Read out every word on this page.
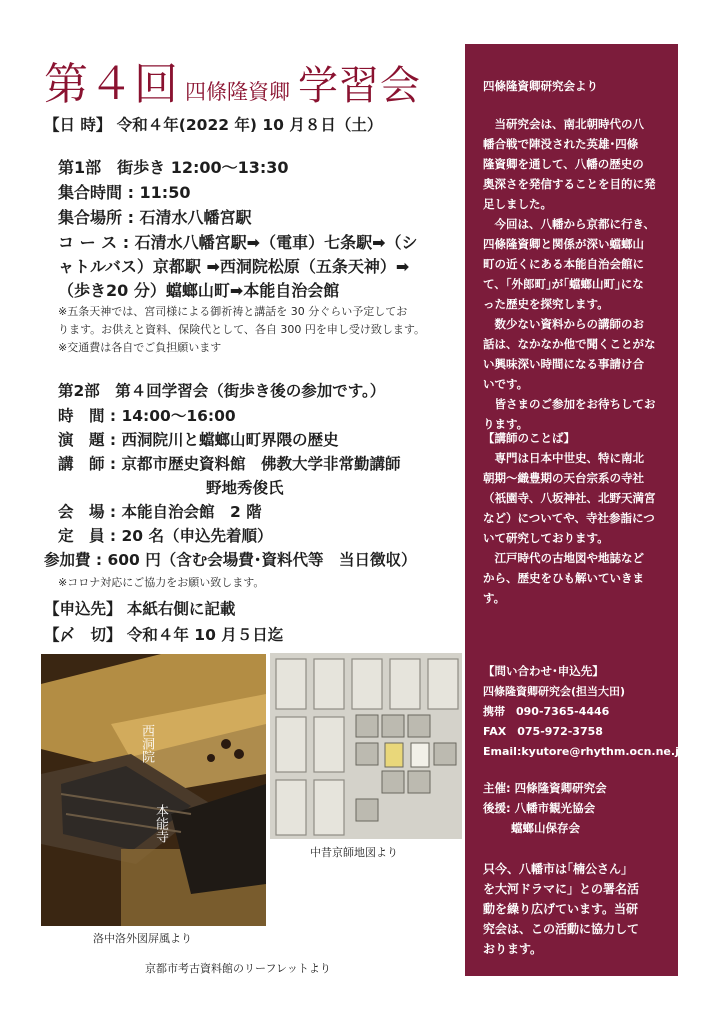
第４回 四條隆資卿 学習会
【日 時】 令和４年(2022 年) 10 月８日（土）
第1部　街歩き 12:00〜13:30
集合時間 : 11:50
集合場所 : 石清水八幡宮駅
コ ー ス : 石清水八幡宮駅➡（電車）七条駅➡（シ
ャトルバス）京都駅 ➡西洞院松原（五条天神）➡
（歩き20 分）蟷螂山町➡本能自治会館
※五条天神では、宮司様による御祈祷と講話を 30 分ぐらい予定してお
ります。お供えと資料、保険代として、各自 300 円を申し受け致します。
※交通費は各自でご負担願います
第2部　第４回学習会（街歩き後の参加です。）
時　間 : 14:00〜16:00
演　題 : 西洞院川と蟷螂山町界隈の歴史
講　師 : 京都市歴史資料館　佛教大学非常勤講師
野地秀俊氏
会　場 : 本能自治会館　2 階
定　員 : 20 名（申込先着順）
参加費 : 600 円（含む会場費･資料代等　当日徴収）
※コロナ対応にご協力をお願い致します。
【申込先】 本紙右側に記載
【〆　切】 令和４年 10 月５日迄
西洞院
本能寺
中昔京師地図より
洛中洛外図屏風より
京都市考古資料館のリーフレットより
四條隆資卿研究会より
　当研究会は、南北朝時代の八
幡合戦で陣没された英雄･四條
隆資卿を通して、八幡の歴史の
奥深さを発信することを目的に発
足しました。
　今回は、八幡から京都に行き、
四條隆資卿と関係が深い蟷螂山
町の近くにある本能自治会館に
て、｢外郎町｣が｢蟷螂山町｣にな
った歴史を探究します。
　数少ない資料からの講師のお
話は、なかなか他で聞くことがな
い興味深い時間になる事請け合
いです。
　皆さまのご参加をお待ちしてお
ります。
【講師のことば】
　専門は日本中世史、特に南北
朝期〜織豊期の天台宗系の寺社
（祇園寺、八坂神社、北野天満宮
など）についてや、寺社参詣につ
いて研究しております。
　江戸時代の古地図や地誌など
から、歴史をひも解いていきま
す。
【問い合わせ･申込先】
四條隆資卿研究会(担当大田)
携帯　090-7365-4446
FAX　075-972-3758
Email:kyutore@rhythm.ocn.ne.jp
主催: 四條隆資卿研究会
後援: 八幡市観光協会
蟷螂山保存会
只今、八幡市は｢楠公さん｣
を大河ドラマに」との署名活
動を繰り広げています。当研
究会は、この活動に協力して
おります。
